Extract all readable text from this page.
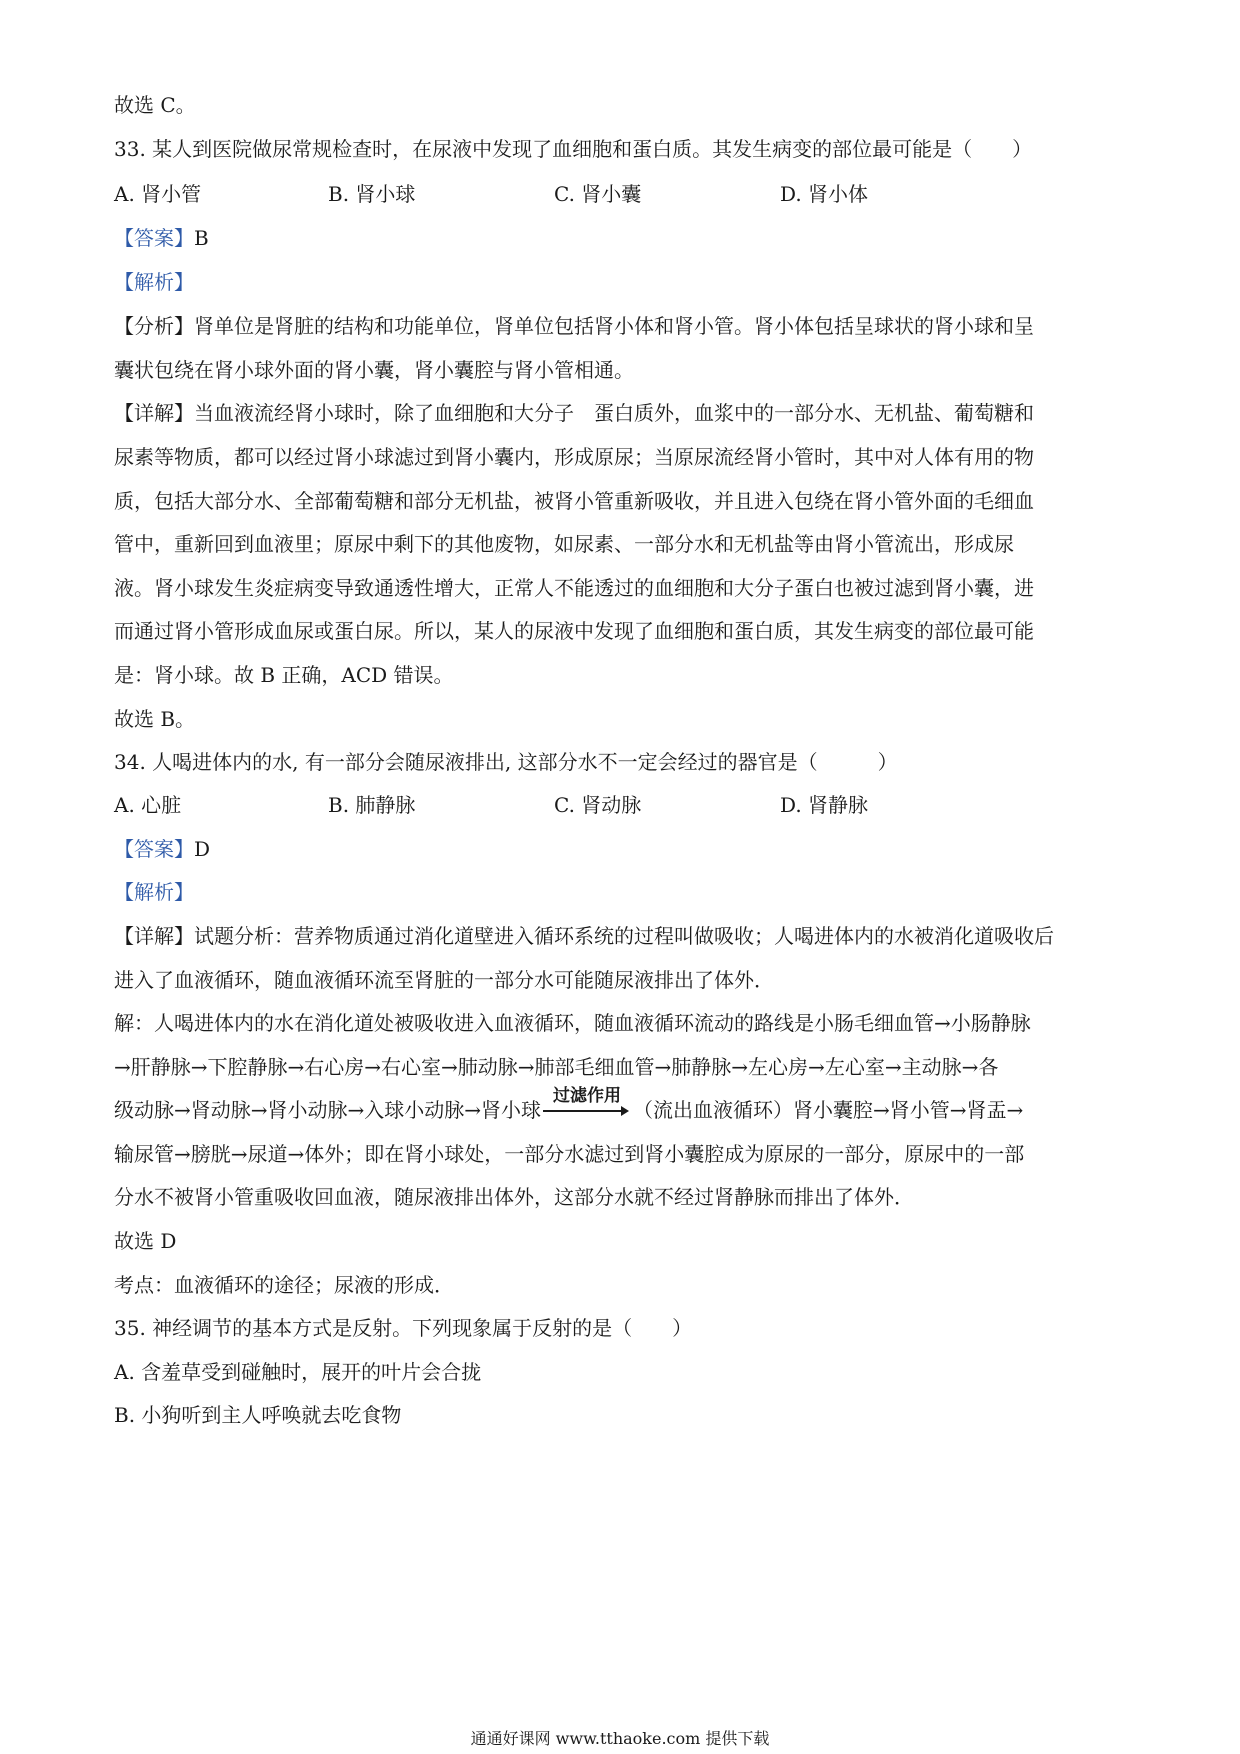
故选 C。
33. 某人到医院做尿常规检查时，在尿液中发现了血细胞和蛋白质。其发生病变的部位最可能是（　　）
A. 肾小管	B. 肾小球	C. 肾小囊	D. 肾小体
【答案】B
【解析】
【分析】肾单位是肾脏的结构和功能单位，肾单位包括肾小体和肾小管。肾小体包括呈球状的肾小球和呈
囊状包绕在肾小球外面的肾小囊，肾小囊腔与肾小管相通。
【详解】当血液流经肾小球时，除了血细胞和大分子　蛋白质外，血浆中的一部分水、无机盐、葡萄糖和
尿素等物质，都可以经过肾小球滤过到肾小囊内，形成原尿；当原尿流经肾小管时，其中对人体有用的物
质，包括大部分水、全部葡萄糖和部分无机盐，被肾小管重新吸收，并且进入包绕在肾小管外面的毛细血
管中，重新回到血液里；原尿中剩下的其他废物，如尿素、一部分水和无机盐等由肾小管流出，形成尿
液。肾小球发生炎症病变导致通透性增大，正常人不能透过的血细胞和大分子蛋白也被过滤到肾小囊，进
而通过肾小管形成血尿或蛋白尿。所以，某人的尿液中发现了血细胞和蛋白质，其发生病变的部位最可能
是：肾小球。故 B 正确，ACD 错误。
故选 B。
34. 人喝进体内的水, 有一部分会随尿液排出, 这部分水不一定会经过的器官是（　　　）
A. 心脏	B. 肺静脉	C. 肾动脉	D. 肾静脉
【答案】D
【解析】
【详解】试题分析：营养物质通过消化道壁进入循环系统的过程叫做吸收；人喝进体内的水被消化道吸收后
进入了血液循环，随血液循环流至肾脏的一部分水可能随尿液排出了体外．
解：人喝进体内的水在消化道处被吸收进入血液循环，随血液循环流动的路线是小肠毛细血管→小肠静脉
→肝静脉→下腔静脉→右心房→右心室→肺动脉→肺部毛细血管→肺静脉→左心房→左心室→主动脉→各
级动脉→肾动脉→肾小动脉→入球小动脉→肾小球
过滤作用
（流出血液循环）肾小囊腔→肾小管→肾盂→
输尿管→膀胱→尿道→体外；即在肾小球处，一部分水滤过到肾小囊腔成为原尿的一部分，原尿中的一部
分水不被肾小管重吸收回血液，随尿液排出体外，这部分水就不经过肾静脉而排出了体外．
故选 D
考点：血液循环的途径；尿液的形成．
35. 神经调节的基本方式是反射。下列现象属于反射的是（　　）
A. 含羞草受到碰触时，展开的叶片会合拢
B. 小狗听到主人呼唤就去吃食物
通通好课网 www.tthaoke.com 提供下载
